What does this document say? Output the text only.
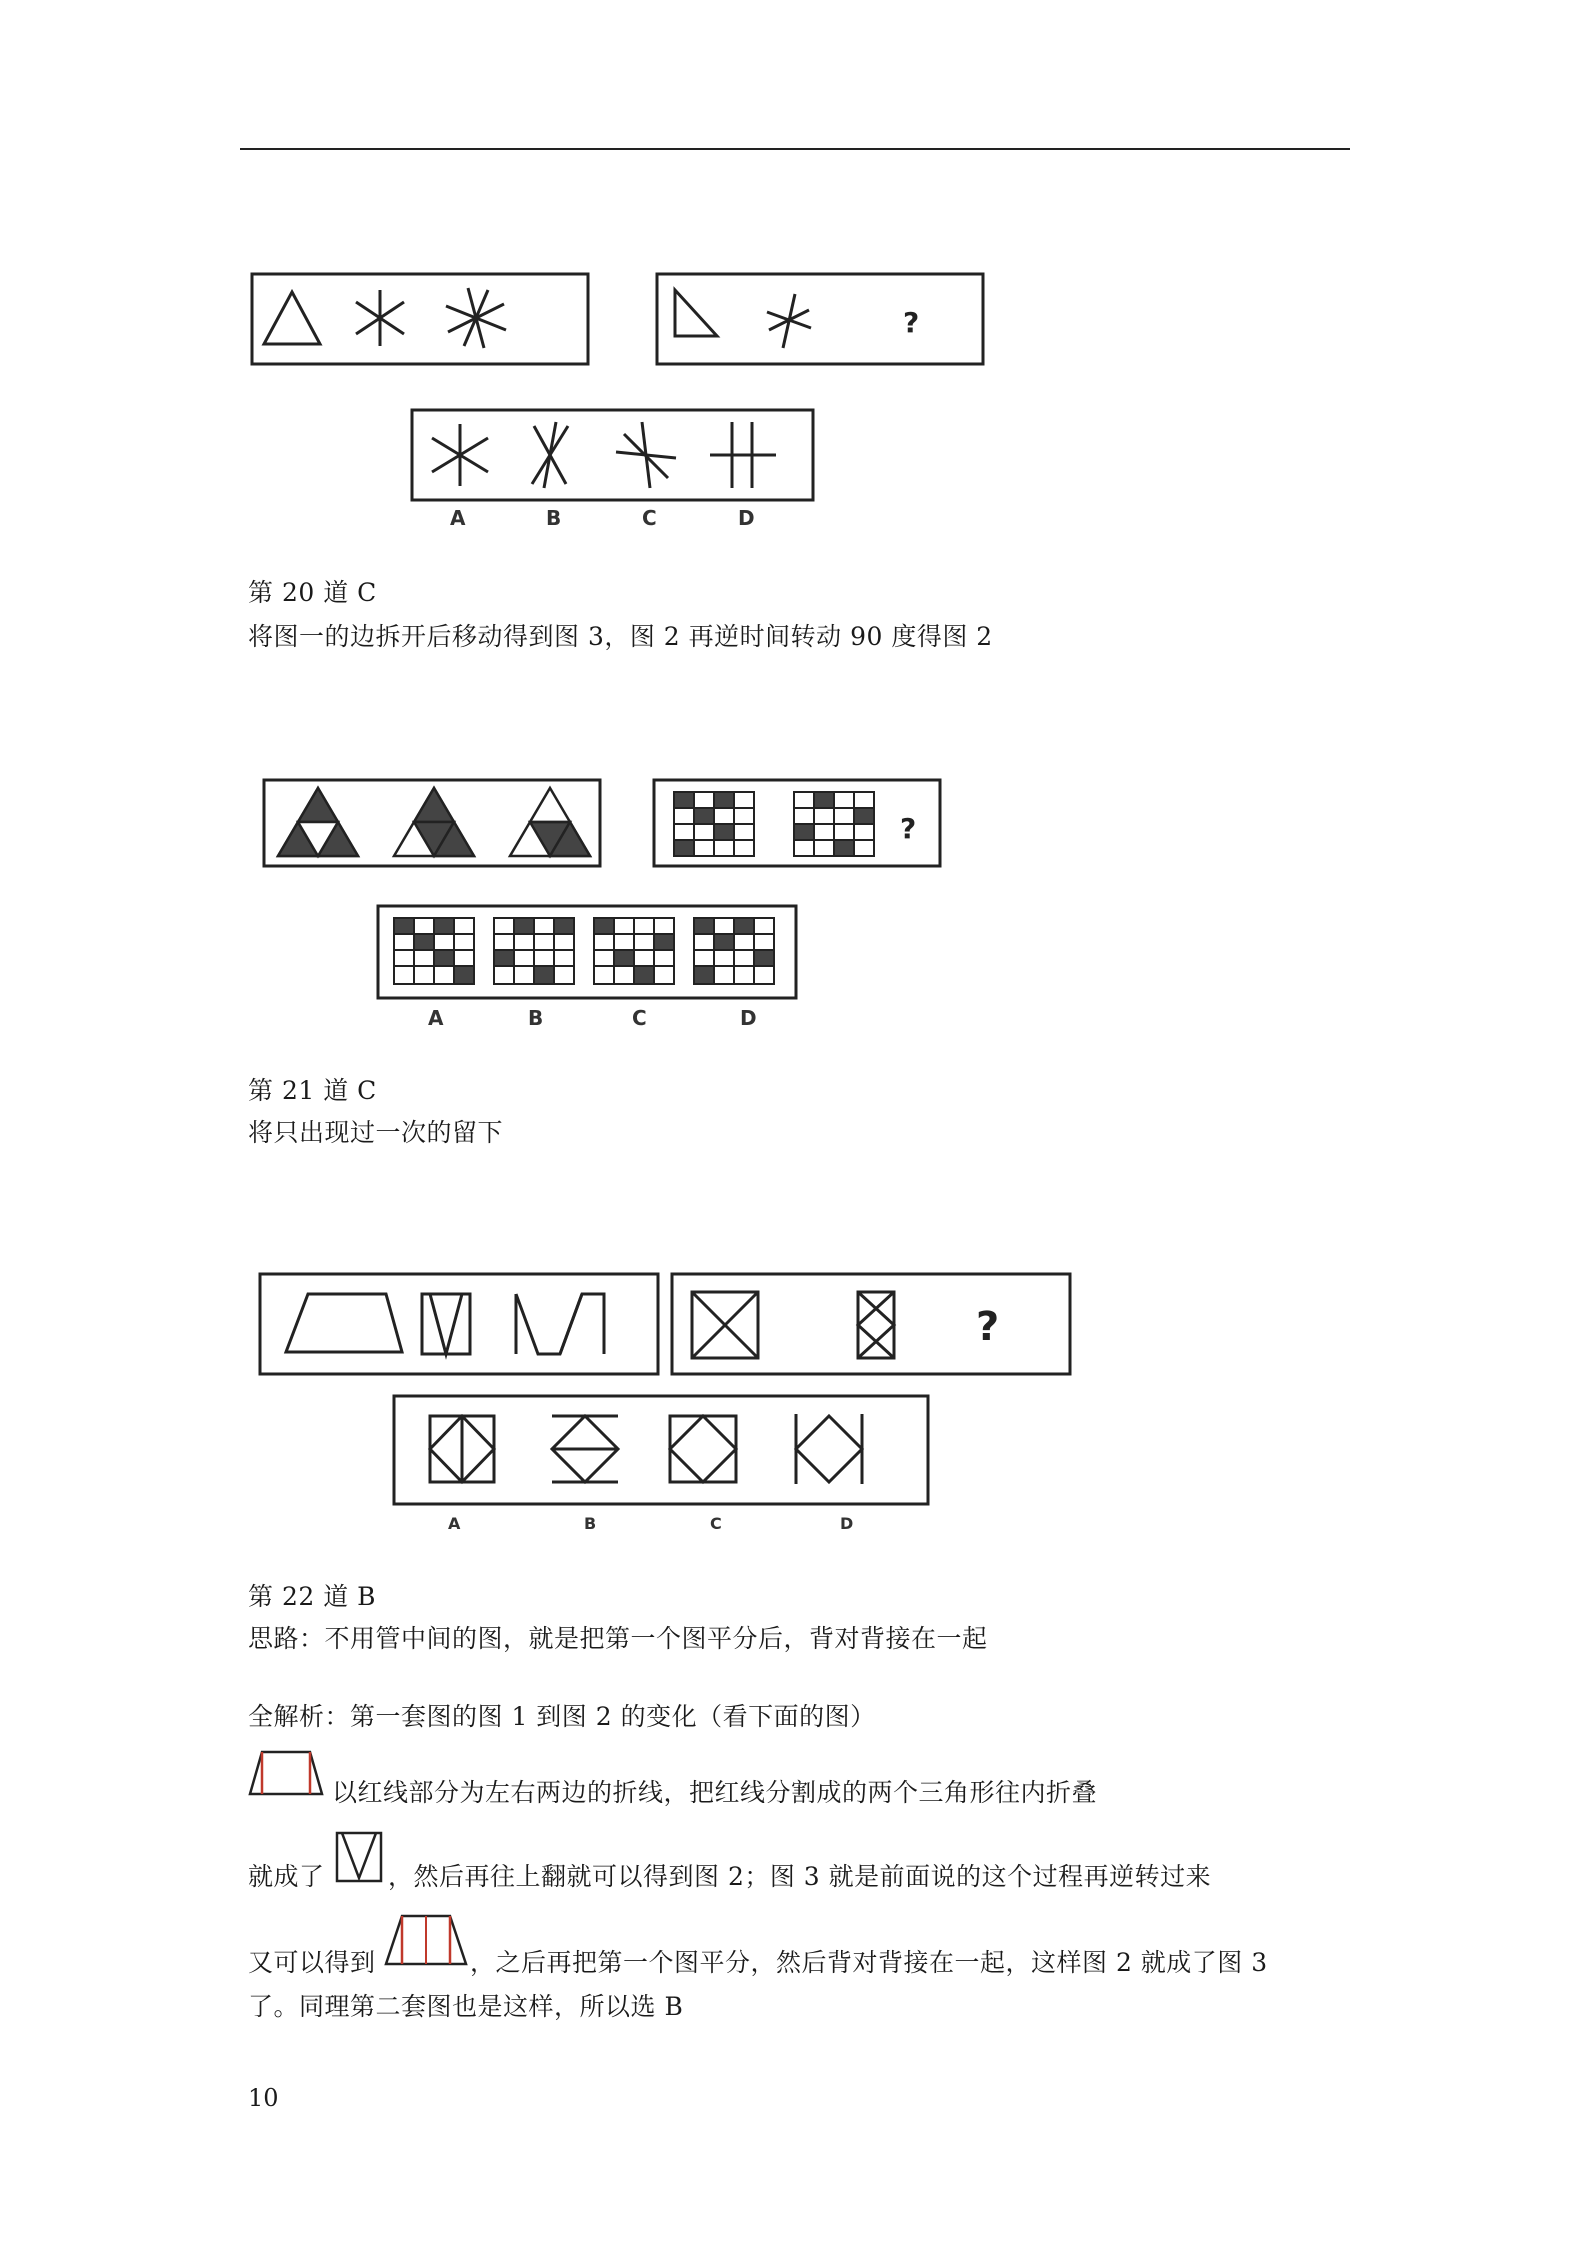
?
A	B	C	D
第 20 道 C
将图一的边拆开后移动得到图 3，图 2 再逆时间转动 90 度得图 2
?
A	B	C	D
第 21 道 C
将只出现过一次的留下
?
A	B	C	D
第 22 道 B
思路：不用管中间的图，就是把第一个图平分后，背对背接在一起
全解析：第一套图的图 1 到图 2 的变化（看下面的图）
以红线部分为左右两边的折线，把红线分割成的两个三角形往内折叠
就成了	，然后再往上翻就可以得到图 2；图 3 就是前面说的这个过程再逆转过来
又可以得到	，之后再把第一个图平分，然后背对背接在一起，这样图 2 就成了图 3
了。同理第二套图也是这样，所以选 B
10
